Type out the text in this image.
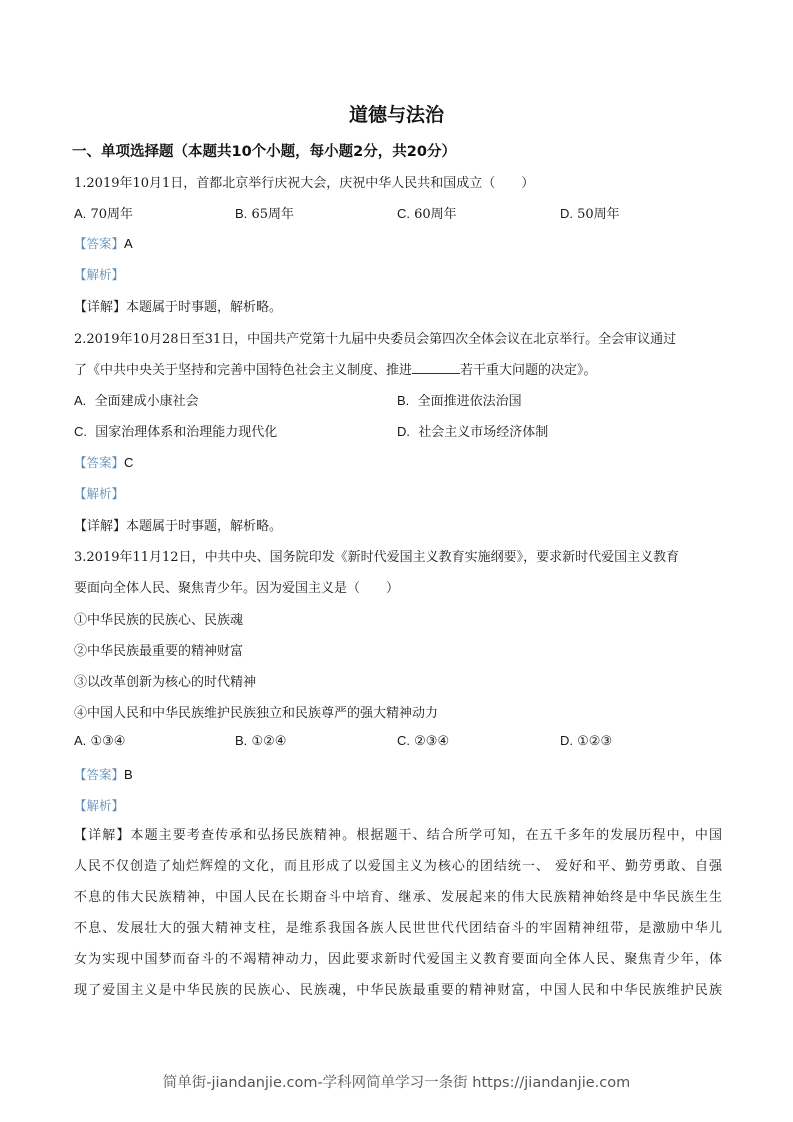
道德与法治
一、单项选择题（本题共10个小题，每小题2分，共20分）
1.2019年10月1日，首都北京举行庆祝大会，庆祝中华人民共和国成立（　　）
A. 70周年	B. 65周年	C. 60周年	D. 50周年
【答案】A
【解析】
【详解】本题属于时事题，解析略。
2.2019年10月28日至31日，中国共产党第十九届中央委员会第四次全体会议在北京举行。全会审议通过
了《中共中央关于坚持和完善中国特色社会主义制度、推进	若干重大问题的决定》。
A. 全面建成小康社会	B. 全面推进依法治国
C. 国家治理体系和治理能力现代化	D. 社会主义市场经济体制
【答案】C
【解析】
【详解】本题属于时事题，解析略。
3.2019年11月12日，中共中央、国务院印发《新时代爱国主义教育实施纲要》，要求新时代爱国主义教育
要面向全体人民、聚焦青少年。因为爱国主义是（　　）
①中华民族的民族心、民族魂
②中华民族最重要的精神财富
③以改革创新为核心的时代精神
④中国人民和中华民族维护民族独立和民族尊严的强大精神动力
A. ①③④	B. ①②④	C. ②③④	D. ①②③
【答案】B
【解析】
【详解】本题主要考查传承和弘扬民族精神。根据题干、结合所学可知，在五千多年的发展历程中，中国
人民不仅创造了灿烂辉煌的文化，而且形成了以爱国主义为核心的团结统一、 爱好和平、勤劳勇敢、自强
不息的伟大民族精神，中国人民在长期奋斗中培育、继承、发展起来的伟大民族精神始终是中华民族生生
不息、发展壮大的强大精神支柱，是维系我国各族人民世世代代团结奋斗的牢固精神纽带，是激励中华儿
女为实现中国梦而奋斗的不竭精神动力，因此要求新时代爱国主义教育要面向全体人民、聚焦青少年，体
现了爱国主义是中华民族的民族心、民族魂，中华民族最重要的精神财富，中国人民和中华民族维护民族
简单街-jiandanjie.com-学科网简单学习一条街 https://jiandanjie.com
